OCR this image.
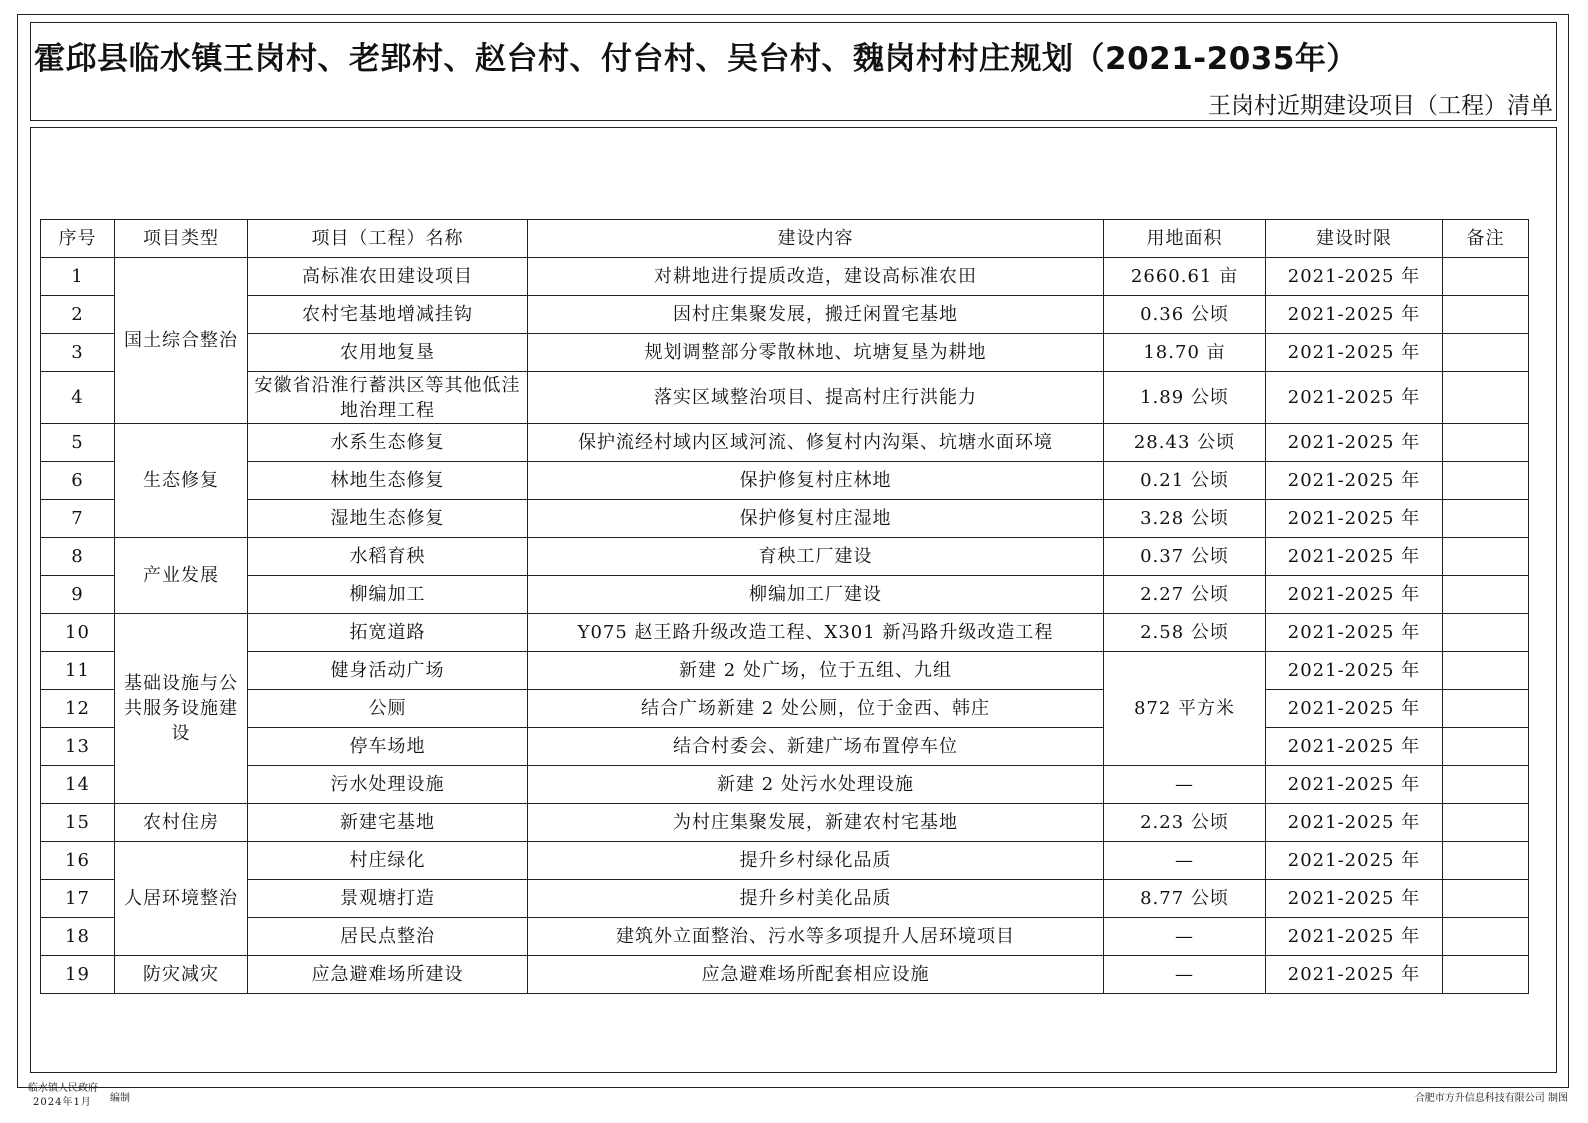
霍邱县临水镇王岗村、老郢村、赵台村、付台村、吴台村、魏岗村村庄规划（2021-2035年）
王岗村近期建设项目（工程）清单
序号	项目类型	项目（工程）名称	建设内容	用地面积	建设时限	备注
1	国土综合整治	高标准农田建设项目	对耕地进行提质改造，建设高标准农田	2660.61 亩	2021-2025 年	
2		农村宅基地增减挂钩	因村庄集聚发展，搬迁闲置宅基地	0.36 公顷	2021-2025 年	
3		农用地复垦	规划调整部分零散林地、坑塘复垦为耕地	18.70 亩	2021-2025 年	
4		安徽省沿淮行蓄洪区等其他低洼地治理工程	落实区域整治项目、提高村庄行洪能力	1.89 公顷	2021-2025 年	
5	生态修复	水系生态修复	保护流经村域内区域河流、修复村内沟渠、坑塘水面环境	28.43 公顷	2021-2025 年	
6		林地生态修复	保护修复村庄林地	0.21 公顷	2021-2025 年	
7		湿地生态修复	保护修复村庄湿地	3.28 公顷	2021-2025 年	
8	产业发展	水稻育秧	育秧工厂建设	0.37 公顷	2021-2025 年	
9		柳编加工	柳编加工厂建设	2.27 公顷	2021-2025 年	
10	基础设施与公共服务设施建设	拓宽道路	Y075 赵王路升级改造工程、X301 新冯路升级改造工程	2.58 公顷	2021-2025 年	
11		健身活动广场	新建 2 处广场，位于五组、九组	872 平方米	2021-2025 年	
12		公厕	结合广场新建 2 处公厕，位于金西、韩庄		2021-2025 年	
13		停车场地	结合村委会、新建广场布置停车位		2021-2025 年	
14		污水处理设施	新建 2 处污水处理设施	—	2021-2025 年	
15	农村住房	新建宅基地	为村庄集聚发展，新建农村宅基地	2.23 公顷	2021-2025 年	
16	人居环境整治	村庄绿化	提升乡村绿化品质	—	2021-2025 年	
17		景观塘打造	提升乡村美化品质	8.77 公顷	2021-2025 年	
18		居民点整治	建筑外立面整治、污水等多项提升人居环境项目	—	2021-2025 年	
19	防灾减灾	应急避难场所建设	应急避难场所配套相应设施	—	2021-2025 年	
临水镇人民政府
2024年1月	编制	合肥市方升信息科技有限公司 制图
